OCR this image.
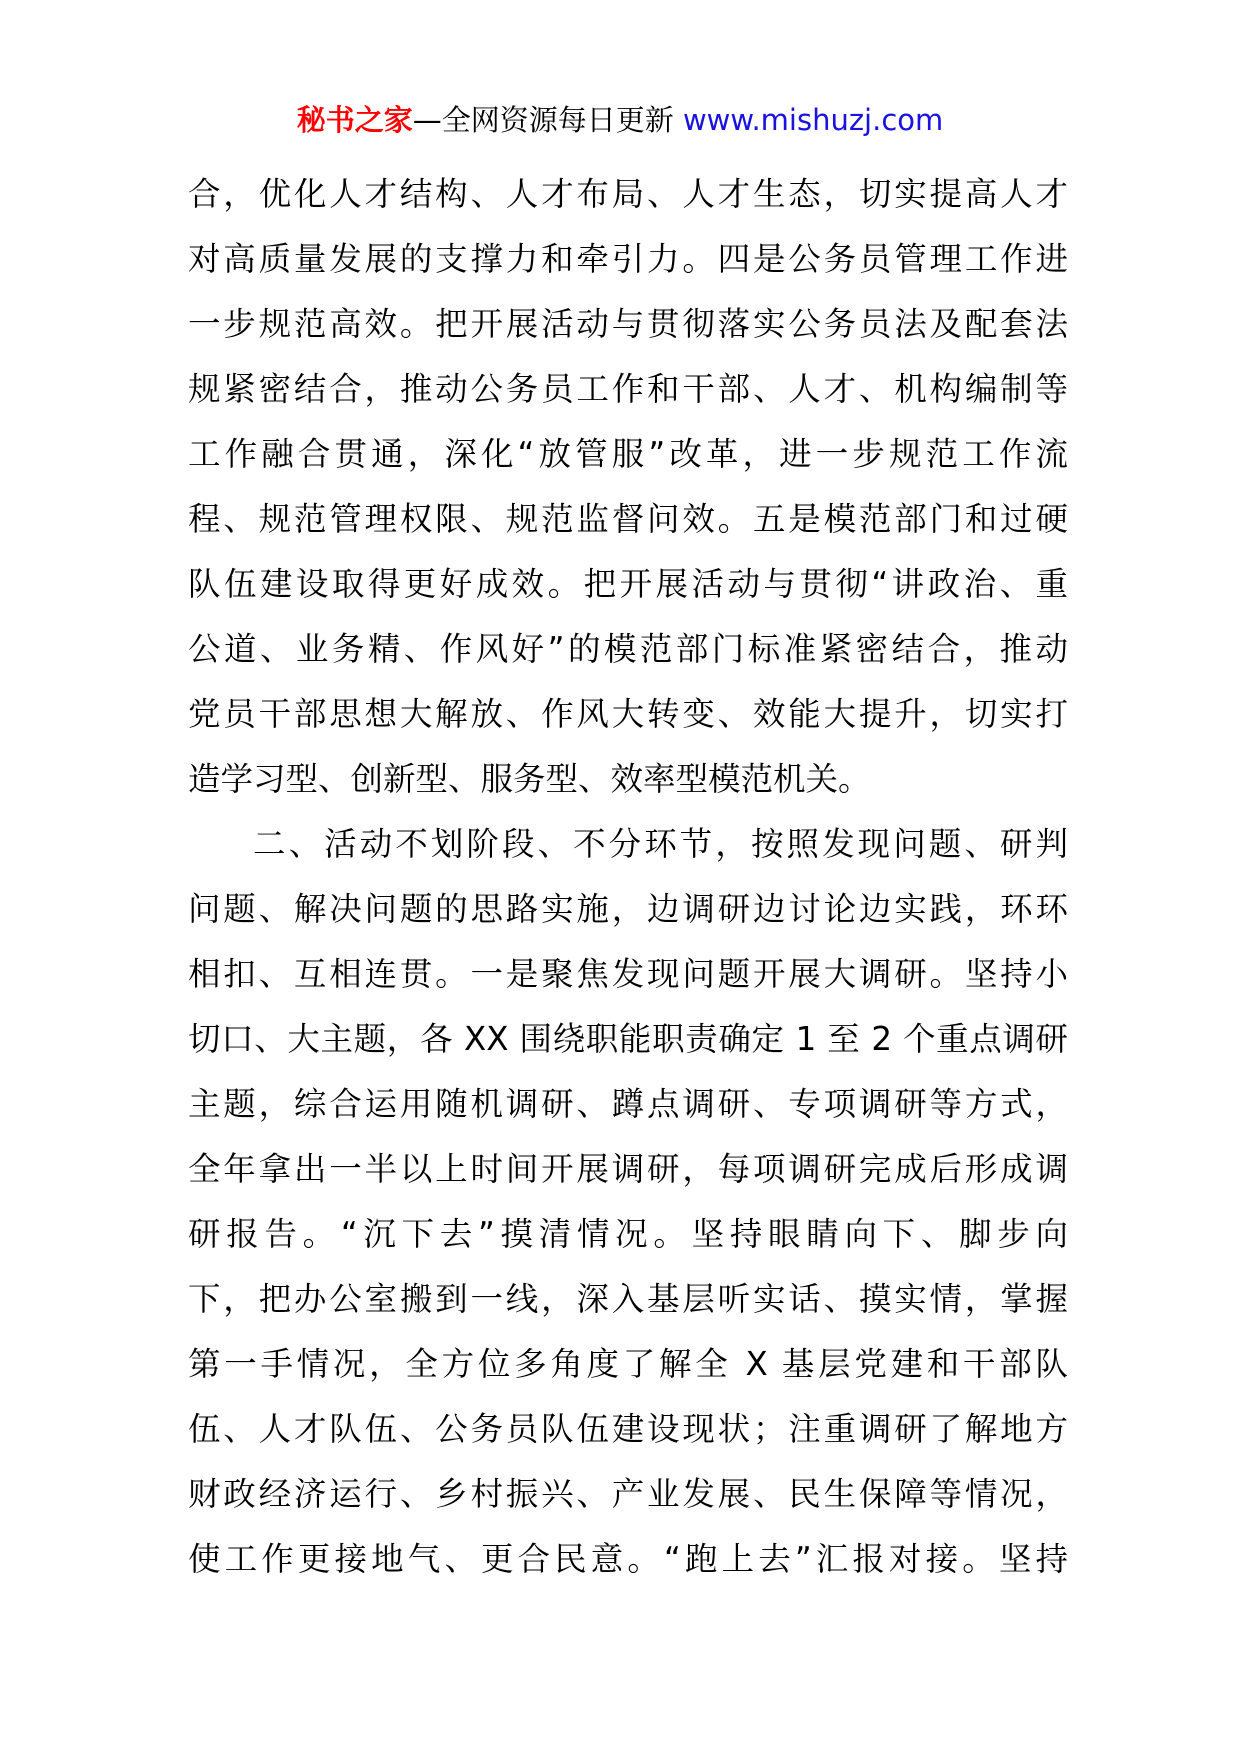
秘书之家—全网资源每日更新 www.mishuzj.com
合，优化人才结构、人才布局、人才生态，切实提高人才
对高质量发展的支撑力和牵引力。四是公务员管理工作进
一步规范高效。把开展活动与贯彻落实公务员法及配套法
规紧密结合，推动公务员工作和干部、人才、机构编制等
工作融合贯通，深化“放管服”改革，进一步规范工作流
程、规范管理权限、规范监督问效。五是模范部门和过硬
队伍建设取得更好成效。把开展活动与贯彻“讲政治、重
公道、业务精、作风好”的模范部门标准紧密结合，推动
党员干部思想大解放、作风大转变、效能大提升，切实打
造学习型、创新型、服务型、效率型模范机关。
二、活动不划阶段、不分环节，按照发现问题、研判
问题、解决问题的思路实施，边调研边讨论边实践，环环
相扣、互相连贯。一是聚焦发现问题开展大调研。坚持小
切口、大主题，各 XX 围绕职能职责确定 1 至 2 个重点调研
主题，综合运用随机调研、蹲点调研、专项调研等方式，
全年拿出一半以上时间开展调研，每项调研完成后形成调
研报告。“沉下去”摸清情况。坚持眼睛向下、脚步向
下，把办公室搬到一线，深入基层听实话、摸实情，掌握
第一手情况，全方位多角度了解全 X 基层党建和干部队
伍、人才队伍、公务员队伍建设现状；注重调研了解地方
财政经济运行、乡村振兴、产业发展、民生保障等情况，
使工作更接地气、更合民意。“跑上去”汇报对接。坚持
